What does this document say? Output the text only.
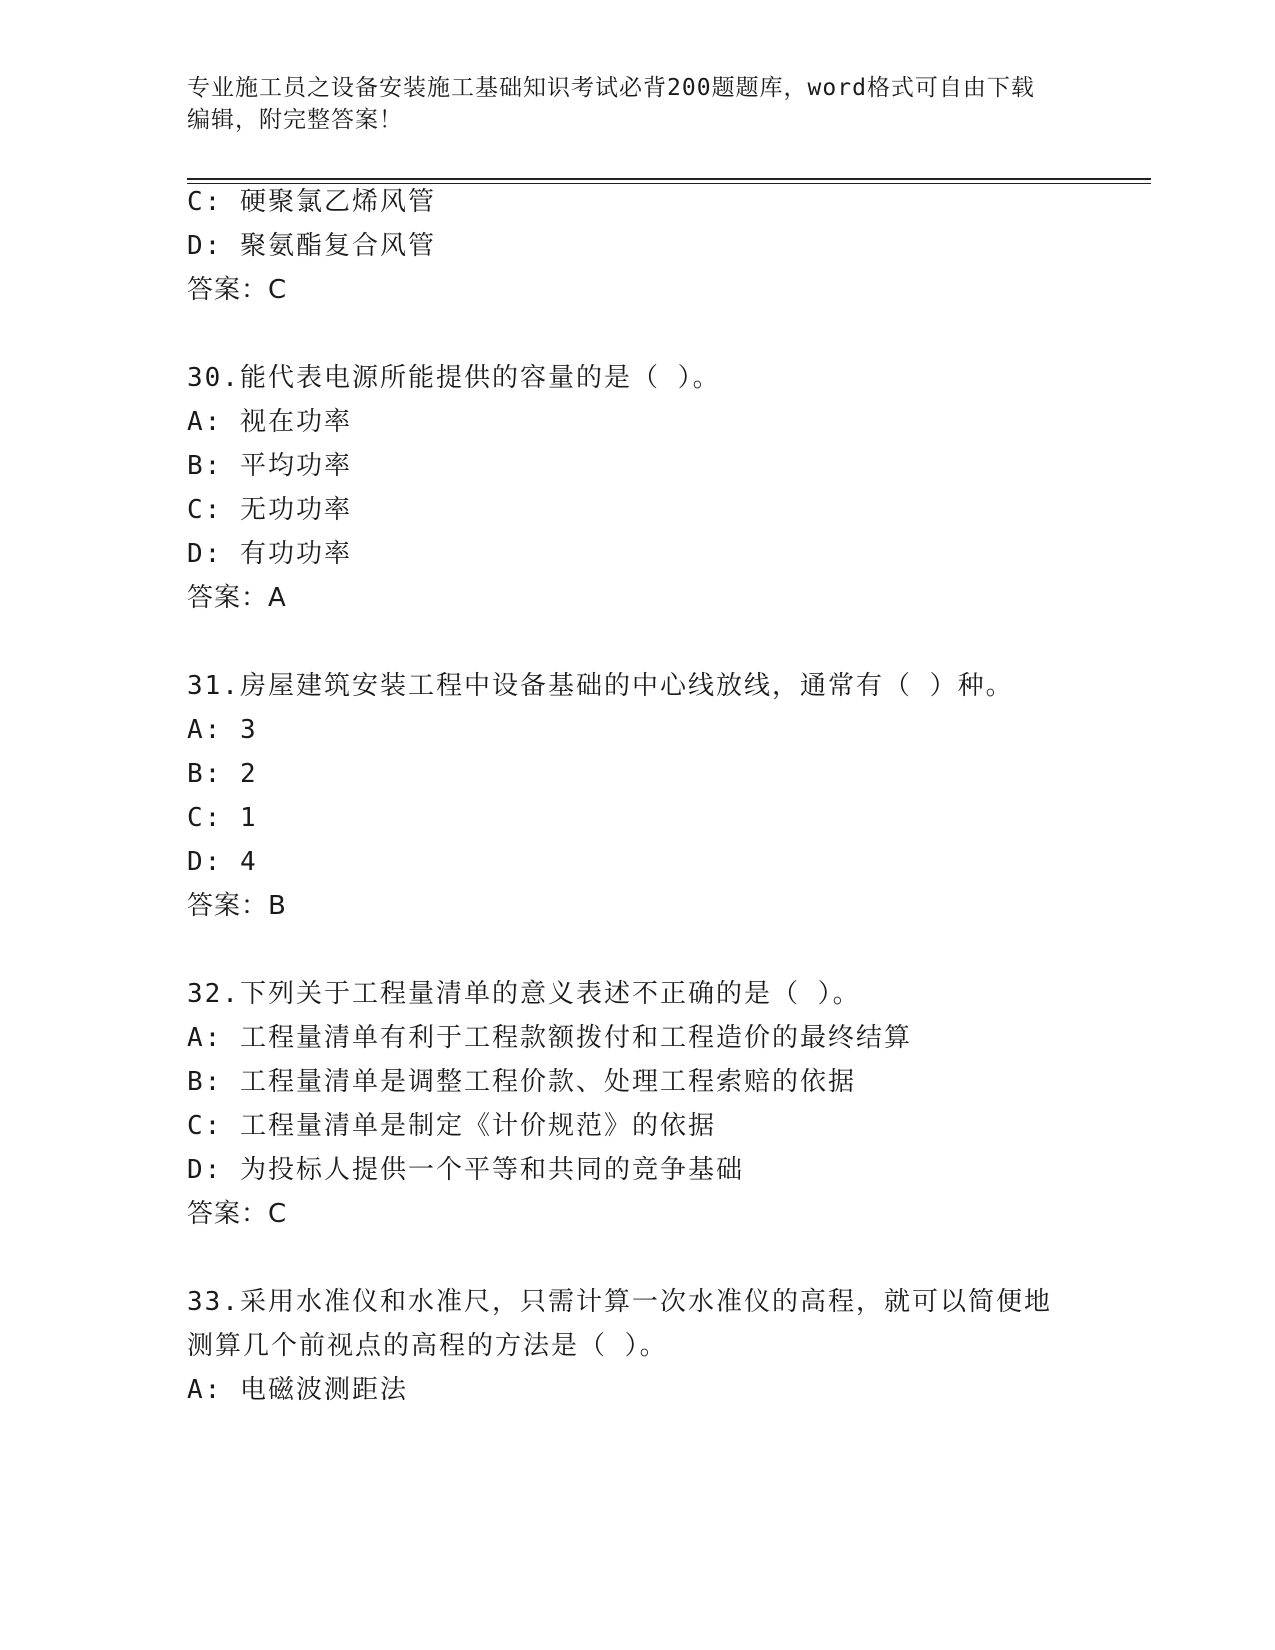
专业施工员之设备安装施工基础知识考试必背200题题库，word格式可自由下载
编辑，附完整答案！
C: 硬聚氯乙烯风管
D: 聚氨酯复合风管
答案：C
30.能代表电源所能提供的容量的是（ ）。
A: 视在功率
B: 平均功率
C: 无功功率
D: 有功功率
答案：A
31.房屋建筑安装工程中设备基础的中心线放线，通常有（ ）种。
A: 3
B: 2
C: 1
D: 4
答案：B
32.下列关于工程量清单的意义表述不正确的是（ ）。
A: 工程量清单有利于工程款额拨付和工程造价的最终结算
B: 工程量清单是调整工程价款、处理工程索赔的依据
C: 工程量清单是制定《计价规范》的依据
D: 为投标人提供一个平等和共同的竞争基础
答案：C
33.采用水准仪和水准尺，只需计算一次水准仪的高程，就可以简便地
测算几个前视点的高程的方法是（ ）。
A: 电磁波测距法
